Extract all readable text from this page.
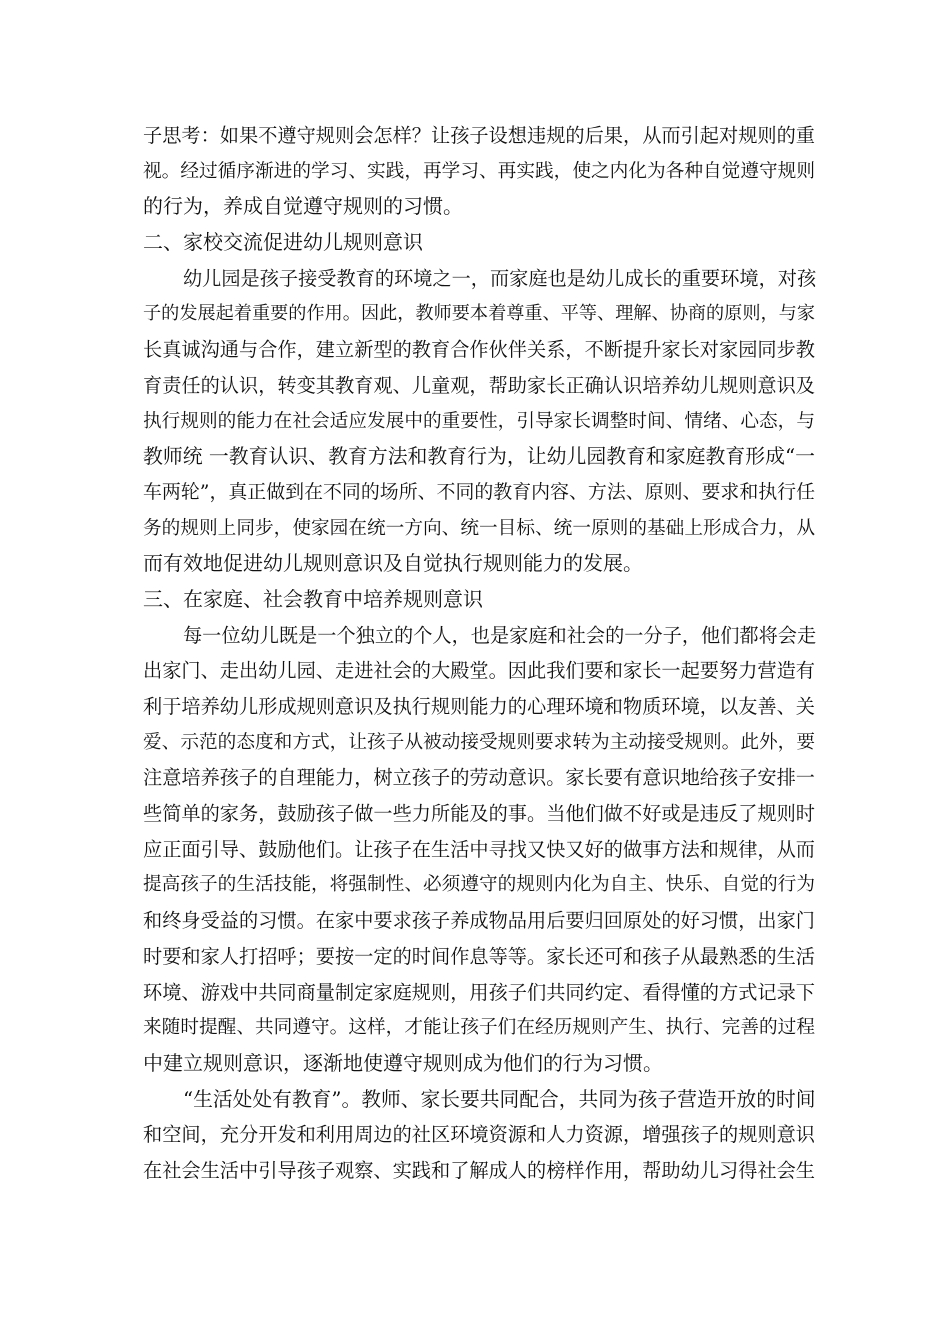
子思考：如果不遵守规则会怎样？让孩子设想违规的后果，从而引起对规则的重
视。经过循序渐进的学习、实践，再学习、再实践，使之内化为各种自觉遵守规则
的行为，养成自觉遵守规则的习惯。
二、家校交流促进幼儿规则意识
幼儿园是孩子接受教育的环境之一，而家庭也是幼儿成长的重要环境，对孩
子的发展起着重要的作用。因此，教师要本着尊重、平等、理解、协商的原则，与家
长真诚沟通与合作，建立新型的教育合作伙伴关系，不断提升家长对家园同步教
育责任的认识，转变其教育观、儿童观，帮助家长正确认识培养幼儿规则意识及
执行规则的能力在社会适应发展中的重要性，引导家长调整时间、情绪、心态，与
教师统 一教育认识、教育方法和教育行为，让幼儿园教育和家庭教育形成“一
车两轮”，真正做到在不同的场所、不同的教育内容、方法、原则、要求和执行任
务的规则上同步，使家园在统一方向、统一目标、统一原则的基础上形成合力，从
而有效地促进幼儿规则意识及自觉执行规则能力的发展。
三、在家庭、社会教育中培养规则意识
每一位幼儿既是一个独立的个人，也是家庭和社会的一分子，他们都将会走
出家门、走出幼儿园、走进社会的大殿堂。因此我们要和家长一起要努力营造有
利于培养幼儿形成规则意识及执行规则能力的心理环境和物质环境，以友善、关
爱、示范的态度和方式，让孩子从被动接受规则要求转为主动接受规则。此外，要
注意培养孩子的自理能力，树立孩子的劳动意识。家长要有意识地给孩子安排一
些简单的家务，鼓励孩子做一些力所能及的事。当他们做不好或是违反了规则时
应正面引导、鼓励他们。让孩子在生活中寻找又快又好的做事方法和规律，从而
提高孩子的生活技能，将强制性、必须遵守的规则内化为自主、快乐、自觉的行为
和终身受益的习惯。在家中要求孩子养成物品用后要归回原处的好习惯，出家门
时要和家人打招呼；要按一定的时间作息等等。家长还可和孩子从最熟悉的生活
环境、游戏中共同商量制定家庭规则，用孩子们共同约定、看得懂的方式记录下
来随时提醒、共同遵守。这样，才能让孩子们在经历规则产生、执行、完善的过程
中建立规则意识，逐渐地使遵守规则成为他们的行为习惯。
“生活处处有教育”。教师、家长要共同配合，共同为孩子营造开放的时间
和空间，充分开发和利用周边的社区环境资源和人力资源，增强孩子的规则意识
在社会生活中引导孩子观察、实践和了解成人的榜样作用，帮助幼儿习得社会生
